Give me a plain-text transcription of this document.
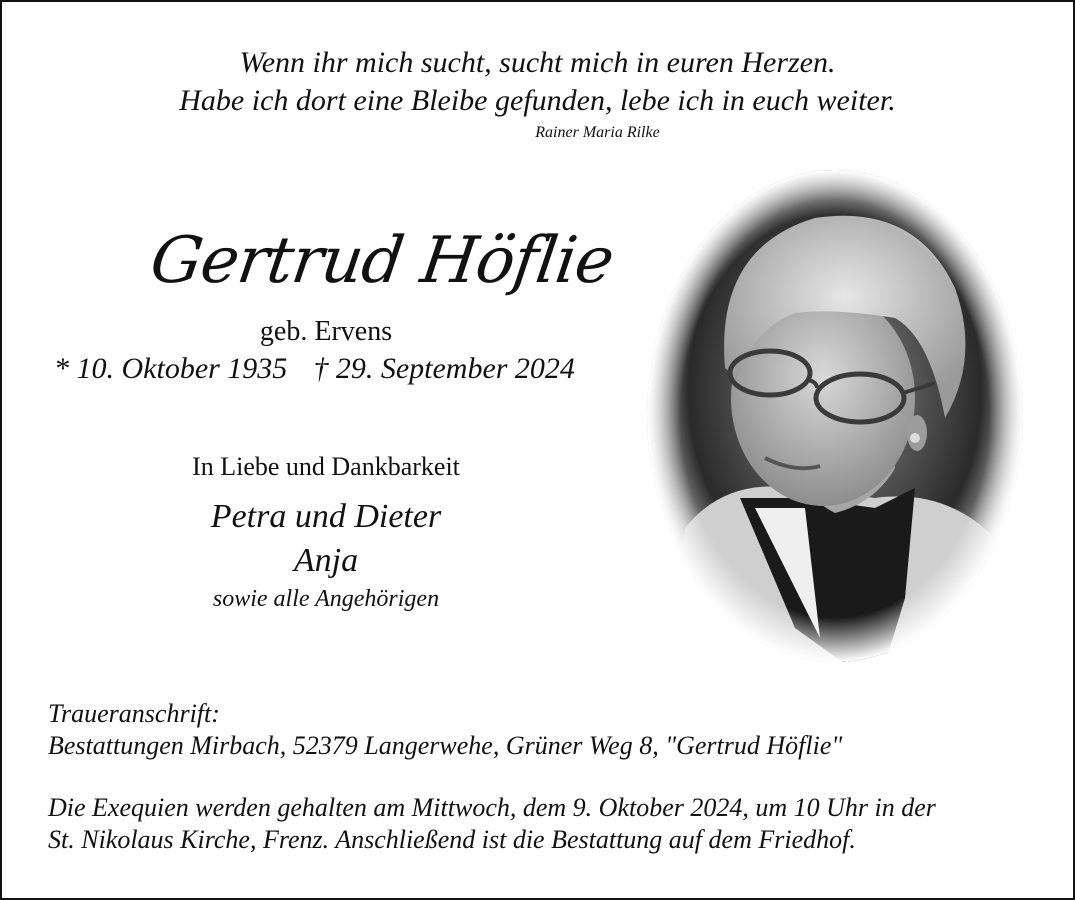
Wenn ihr mich sucht, sucht mich in euren Herzen.
Habe ich dort eine Bleibe gefunden, lebe ich in euch weiter.
Rainer Maria Rilke
Gertrud Höflie
geb. Ervens
* 10. Oktober 1935 † 29. September 2024
In Liebe und Dankbarkeit
Petra und Dieter
Anja
sowie alle Angehörigen
Traueranschrift:
Bestattungen Mirbach, 52379 Langerwehe, Grüner Weg 8, "Gertrud Höflie"
Die Exequien werden gehalten am Mittwoch, dem 9. Oktober 2024, um 10 Uhr in der
St. Nikolaus Kirche, Frenz. Anschließend ist die Bestattung auf dem Friedhof.
